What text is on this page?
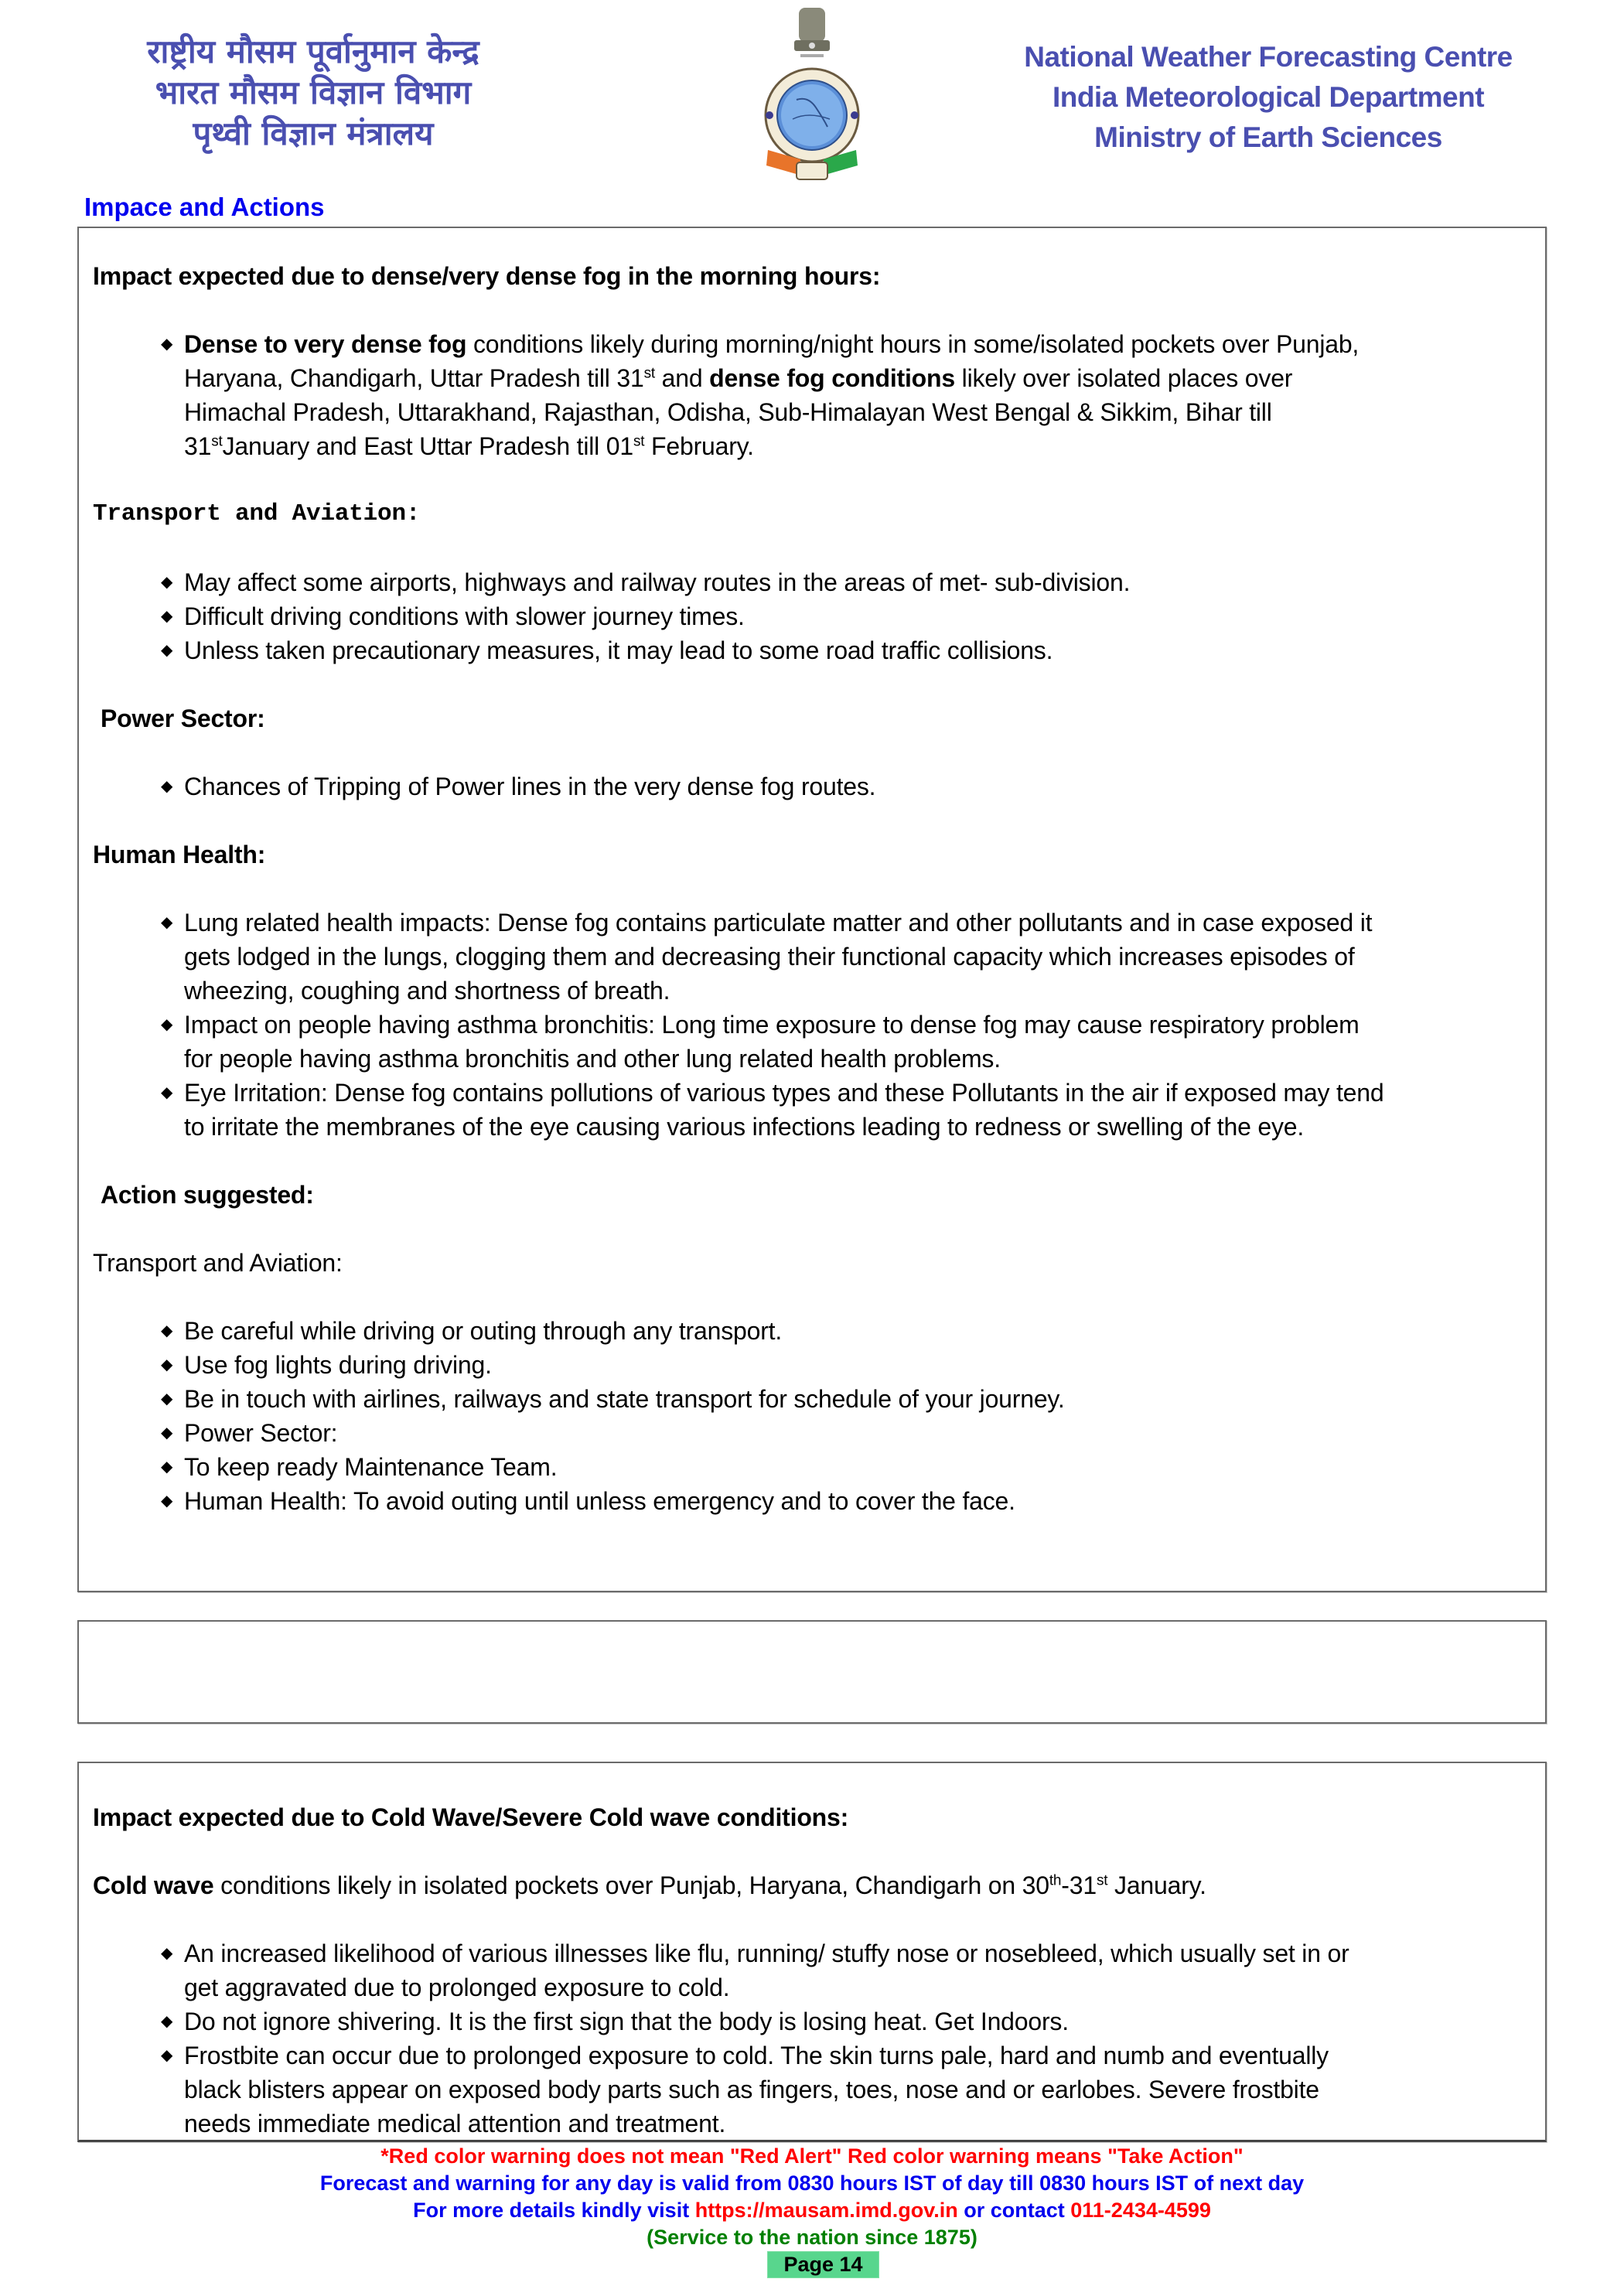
राष्ट्रीय मौसम पूर्वानुमान केन्द्र
भारत मौसम विज्ञान विभाग
पृथ्वी विज्ञान मंत्रालय
National Weather Forecasting Centre
India Meteorological Department
Ministry of Earth Sciences
Impace and Actions
Impact expected due to dense/very dense fog in the morning hours:
◆ Dense to very dense fog conditions likely during morning/night hours in some/isolated pockets over Punjab,
Haryana, Chandigarh, Uttar Pradesh till 31st and dense fog conditions likely over isolated places over
Himachal Pradesh, Uttarakhand, Rajasthan, Odisha, Sub-Himalayan West Bengal & Sikkim, Bihar till
31stJanuary and East Uttar Pradesh till 01st February.
Transport and Aviation:
◆ May affect some airports, highways and railway routes in the areas of met- sub-division.
◆ Difficult driving conditions with slower journey times.
◆ Unless taken precautionary measures, it may lead to some road traffic collisions.
Power Sector:
◆ Chances of Tripping of Power lines in the very dense fog routes.
Human Health:
◆ Lung related health impacts: Dense fog contains particulate matter and other pollutants and in case exposed it
gets lodged in the lungs, clogging them and decreasing their functional capacity which increases episodes of
wheezing, coughing and shortness of breath.
◆ Impact on people having asthma bronchitis: Long time exposure to dense fog may cause respiratory problem
for people having asthma bronchitis and other lung related health problems.
◆ Eye Irritation: Dense fog contains pollutions of various types and these Pollutants in the air if exposed may tend
to irritate the membranes of the eye causing various infections leading to redness or swelling of the eye.
Action suggested:
Transport and Aviation:
◆ Be careful while driving or outing through any transport.
◆ Use fog lights during driving.
◆ Be in touch with airlines, railways and state transport for schedule of your journey.
◆ Power Sector:
◆ To keep ready Maintenance Team.
◆ Human Health: To avoid outing until unless emergency and to cover the face.
Impact expected due to Cold Wave/Severe Cold wave conditions:
Cold wave conditions likely in isolated pockets over Punjab, Haryana, Chandigarh on 30th-31st January.
◆ An increased likelihood of various illnesses like flu, running/ stuffy nose or nosebleed, which usually set in or
get aggravated due to prolonged exposure to cold.
◆ Do not ignore shivering. It is the first sign that the body is losing heat. Get Indoors.
◆ Frostbite can occur due to prolonged exposure to cold. The skin turns pale, hard and numb and eventually
black blisters appear on exposed body parts such as fingers, toes, nose and or earlobes. Severe frostbite
needs immediate medical attention and treatment.
*Red color warning does not mean "Red Alert" Red color warning means "Take Action"
Forecast and warning for any day is valid from 0830 hours IST of day till 0830 hours IST of next day
For more details kindly visit https://mausam.imd.gov.in or contact 011-2434-4599
(Service to the nation since 1875)
Page 14
